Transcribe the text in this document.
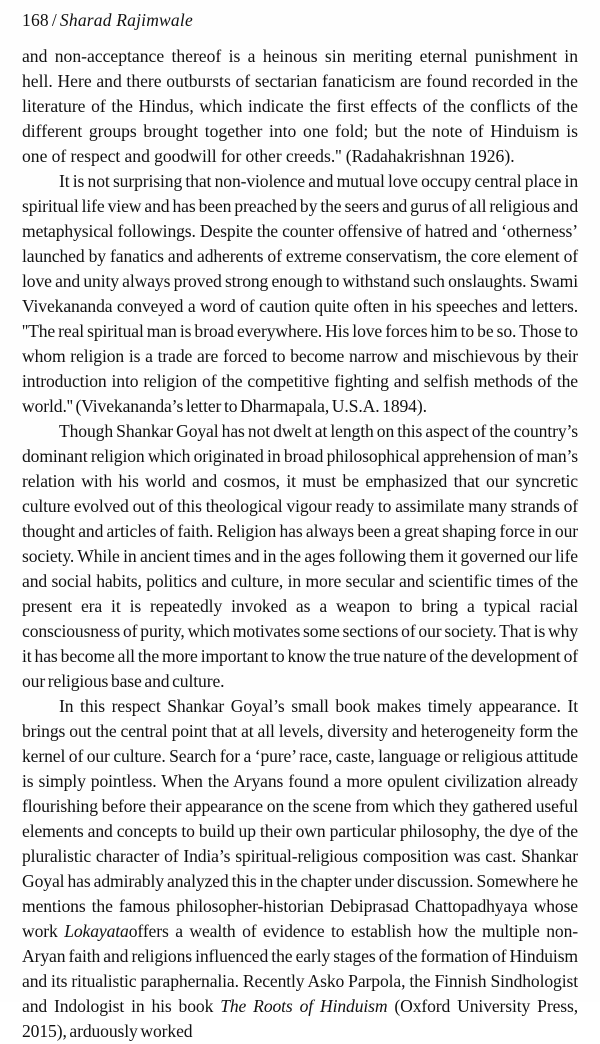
168 / Sharad Rajimwale

and non-acceptance thereof is a heinous sin meriting eternal punishment in hell. Here and there outbursts of sectarian fanaticism are found recorded in the literature of the Hindus, which indicate the first effects of the conflicts of the different groups brought together into one fold; but the note of Hinduism is one of respect and goodwill for other creeds.'' (Radahakrishnan 1926).

It is not surprising that non-violence and mutual love occupy central place in spiritual life view and has been preached by the seers and gurus of all religious and metaphysical followings. Despite the counter offensive of hatred and ‘otherness’ launched by fanatics and adherents of extreme conservatism, the core element of love and unity always proved strong enough to withstand such onslaughts. Swami Vivekananda conveyed a word of caution quite often in his speeches and letters. ''The real spiritual man is broad everywhere. His love forces him to be so. Those to whom religion is a trade are forced to become narrow and mischievous by their introduction into religion of the competitive fighting and selfish methods of the world.'' (Vivekananda’s letter to Dharmapala, U.S.A. 1894).

Though Shankar Goyal has not dwelt at length on this aspect of the country’s dominant religion which originated in broad philosophical apprehension of man’s relation with his world and cosmos, it must be emphasized that our syncretic culture evolved out of this theological vigour ready to assimilate many strands of thought and articles of faith. Religion has always been a great shaping force in our society. While in ancient times and in the ages following them it governed our life and social habits, politics and culture, in more secular and scientific times of the present era it is repeatedly invoked as a weapon to bring a typical racial consciousness of purity, which motivates some sections of our society. That is why it has become all the more important to know the true nature of the development of our religious base and culture.

In this respect Shankar Goyal’s small book makes timely appearance. It brings out the central point that at all levels, diversity and heterogeneity form the kernel of our culture. Search for a ‘pure’ race, caste, language or religious attitude is simply pointless. When the Aryans found a more opulent civilization already flourishing before their appearance on the scene from which they gathered useful elements and concepts to build up their own particular philosophy, the dye of the pluralistic character of India’s spiritual-religious composition was cast. Shankar Goyal has admirably analyzed this in the chapter under discussion. Somewhere he mentions the famous philosopher-historian Debiprasad Chattopadhyaya whose work Lokayataoffers a wealth of evidence to establish how the multiple non-Aryan faith and religions influenced the early stages of the formation of Hinduism and its ritualistic paraphernalia. Recently Asko Parpola, the Finnish Sindhologist and Indologist in his book The Roots of Hinduism (Oxford University Press, 2015), arduously worked
